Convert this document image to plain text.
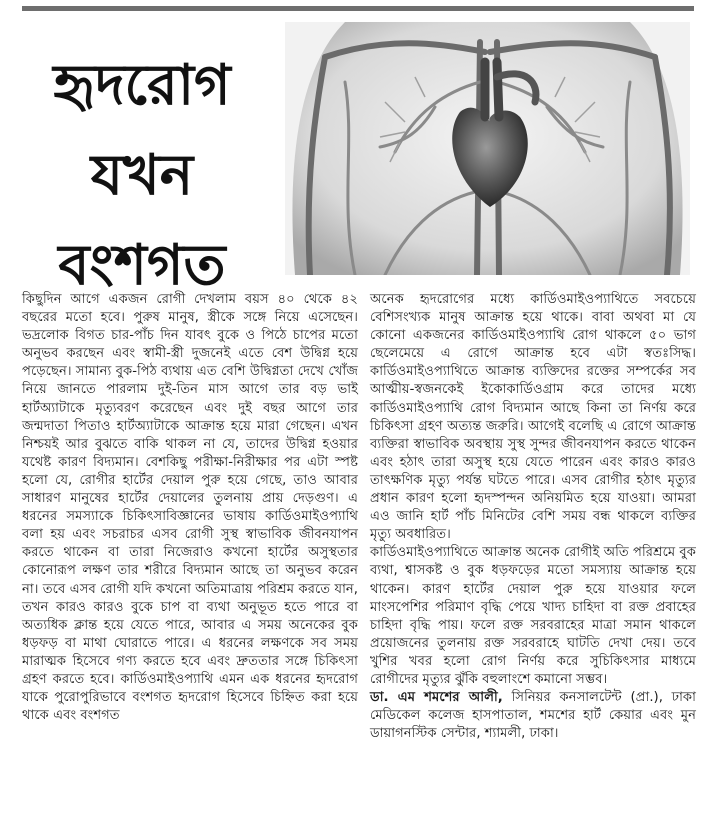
হৃদরোগ
যখন
বংশগত

কিছুদিন আগে একজন রোগী দেখলাম বয়স ৪০ থেকে ৪২ বছরের মতো হবে। পুরুষ মানুষ, স্ত্রীকে সঙ্গে নিয়ে এসেছেন। ভদ্রলোক বিগত চার-পাঁচ দিন যাবৎ বুকে ও পিঠে চাপের মতো অনুভব করছেন এবং স্বামী-স্ত্রী দুজনেই এতে বেশ উদ্বিগ্ন হয়ে পড়েছেন। সামান্য বুক-পিঠ ব্যথায় এত বেশি উদ্বিগ্নতা দেখে খোঁজ নিয়ে জানতে পারলাম দুই-তিন মাস আগে তার বড় ভাই হার্টঅ্যাটাকে মৃত্যুবরণ করেছেন এবং দুই বছর আগে তার জন্মদাতা পিতাও হার্টঅ্যাটাকে আক্রান্ত হয়ে মারা গেছেন। এখন নিশ্চয়ই আর বুঝতে বাকি থাকল না যে, তাদের উদ্বিগ্ন হওয়ার যথেষ্ট কারণ বিদ্যমান। বেশকিছু পরীক্ষা-নিরীক্ষার পর এটা স্পষ্ট হলো যে, রোগীর হার্টের দেয়াল পুরু হয়ে গেছে, তাও আবার সাধারণ মানুষের হার্টের দেয়ালের তুলনায় প্রায় দেড়গুণ। এ ধরনের সমস্যাকে চিকিৎসাবিজ্ঞানের ভাষায় কার্ডিওমাইওপ্যাথি বলা হয় এবং সচরাচর এসব রোগী সুস্থ স্বাভাবিক জীবনযাপন করতে থাকেন বা তারা নিজেরাও কখনো হার্টের অসুস্থতার কোনোরূপ লক্ষণ তার শরীরে বিদ্যমান আছে তা অনুভব করেন না। তবে এসব রোগী যদি কখনো অতিমাত্রায় পরিশ্রম করতে যান, তখন কারও কারও বুকে চাপ বা ব্যথা অনুভূত হতে পারে বা অত্যধিক ক্লান্ত হয়ে যেতে পারে, আবার এ সময় অনেকের বুক ধড়ফড় বা মাথা ঘোরাতে পারে। এ ধরনের লক্ষণকে সব সময় মারাত্মক হিসেবে গণ্য করতে হবে এবং দ্রুততার সঙ্গে চিকিৎসা গ্রহণ করতে হবে। কার্ডিওমাইওপ্যাথি এমন এক ধরনের হৃদরোগ যাকে পুরোপুরিভাবে বংশগত হৃদরোগ হিসেবে চিহ্নিত করা হয়ে থাকে এবং বংশগত

অনেক হৃদরোগের মধ্যে কার্ডিওমাইওপ্যাথিতে সবচেয়ে বেশিসংখ্যক মানুষ আক্রান্ত হয়ে থাকে। বাবা অথবা মা যে কোনো একজনের কার্ডিওমাইওপ্যাথি রোগ থাকলে ৫০ ভাগ ছেলেমেয়ে এ রোগে আক্রান্ত হবে এটা স্বতঃসিদ্ধ। কার্ডিওমাইওপ্যাথিতে আক্রান্ত ব্যক্তিদের রক্তের সম্পর্কের সব আত্মীয়-স্বজনকেই ইকোকার্ডিওগ্রাম করে তাদের মধ্যে কার্ডিওমাইওপ্যাথি রোগ বিদ্যমান আছে কিনা তা নির্ণয় করে চিকিৎসা গ্রহণ অত্যন্ত জরুরি। আগেই বলেছি এ রোগে আক্রান্ত ব্যক্তিরা স্বাভাবিক অবস্থায় সুস্থ সুন্দর জীবনযাপন করতে থাকেন এবং হঠাৎ তারা অসুস্থ হয়ে যেতে পারেন এবং কারও কারও তাৎক্ষণিক মৃত্যু পর্যন্ত ঘটতে পারে। এসব রোগীর হঠাৎ মৃত্যুর প্রধান কারণ হলো হৃদস্পন্দন অনিয়মিত হয়ে যাওয়া। আমরা এও জানি হার্ট পাঁচ মিনিটের বেশি সময় বন্ধ থাকলে ব্যক্তির মৃত্যু অবধারিত।

কার্ডিওমাইওপ্যাথিতে আক্রান্ত অনেক রোগীই অতি পরিশ্রমে বুক ব্যথা, শ্বাসকষ্ট ও বুক ধড়ফড়ের মতো সমস্যায় আক্রান্ত হয়ে থাকেন। কারণ হার্টের দেয়াল পুরু হয়ে যাওয়ার ফলে মাংসপেশির পরিমাণ বৃদ্ধি পেয়ে খাদ্য চাহিদা বা রক্ত প্রবাহের চাহিদা বৃদ্ধি পায়। ফলে রক্ত সরবরাহের মাত্রা সমান থাকলে প্রয়োজনের তুলনায় রক্ত সরবরাহে ঘাটতি দেখা দেয়। তবে খুশির খবর হলো রোগ নির্ণয় করে সুচিকিৎসার মাধ্যমে রোগীদের মৃত্যুর ঝুঁকি বহুলাংশে কমানো সম্ভব।

ডা. এম শমশের আলী, সিনিয়র কনসালটেন্ট (প্রা.), ঢাকা মেডিকেল কলেজ হাসপাতাল, শমশের হার্ট কেয়ার এবং মুন ডায়াগনস্টিক সেন্টার, শ্যামলী, ঢাকা।
